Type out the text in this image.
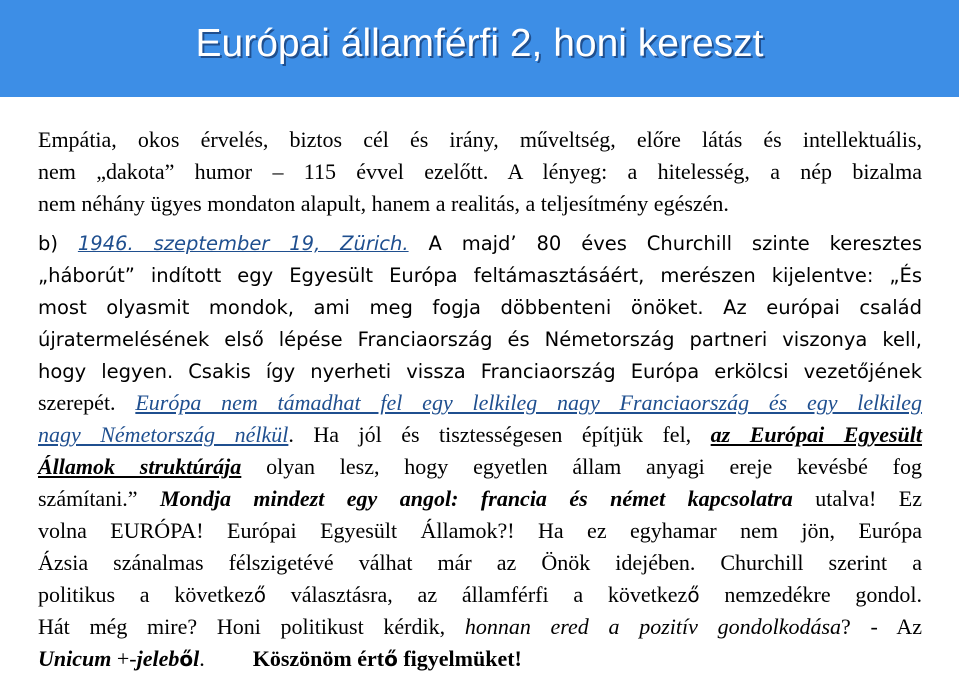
Európai államférfi 2, honi kereszt
Empátia, okos érvelés, biztos cél és irány, műveltség, előre látás és intellektuális,
nem „dakota” humor – 115 évvel ezelőtt. A lényeg: a hitelesség, a nép bizalma
nem néhány ügyes mondaton alapult, hanem a realitás, a teljesítmény egészén.
b) 1946. szeptember 19, Zürich. A majd’ 80 éves Churchill szinte keresztes
„háborút” indított egy Egyesült Európa feltámasztásáért, merészen kijelentve: „És
most olyasmit mondok, ami meg fogja döbbenteni önöket. Az európai család
újratermelésének első lépése Franciaország és Németország partneri viszonya kell,
hogy legyen. Csakis így nyerheti vissza Franciaország Európa erkölcsi vezetőjének
szerepét. Európa nem támadhat fel egy lelkileg nagy Franciaország és egy lelkileg
nagy Németország nélkül. Ha jól és tisztességesen építjük fel, az Európai Egyesült
Államok struktúrája olyan lesz, hogy egyetlen állam anyagi ereje kevésbé fog
számítani.” Mondja mindezt egy angol: francia és német kapcsolatra utalva! Ez
volna EURÓPA! Európai Egyesült Államok?! Ha ez egyhamar nem jön, Európa
Ázsia szánalmas félszigetévé válhat már az Önök idejében. Churchill szerint a
politikus a következő választásra, az államférfi a következő nemzedékre gondol.
Hát még mire? Honi politikust kérdik, honnan ered a pozitív gondolkodása? - Az
Unicum +-jeleből. Köszönöm értő figyelmüket!
